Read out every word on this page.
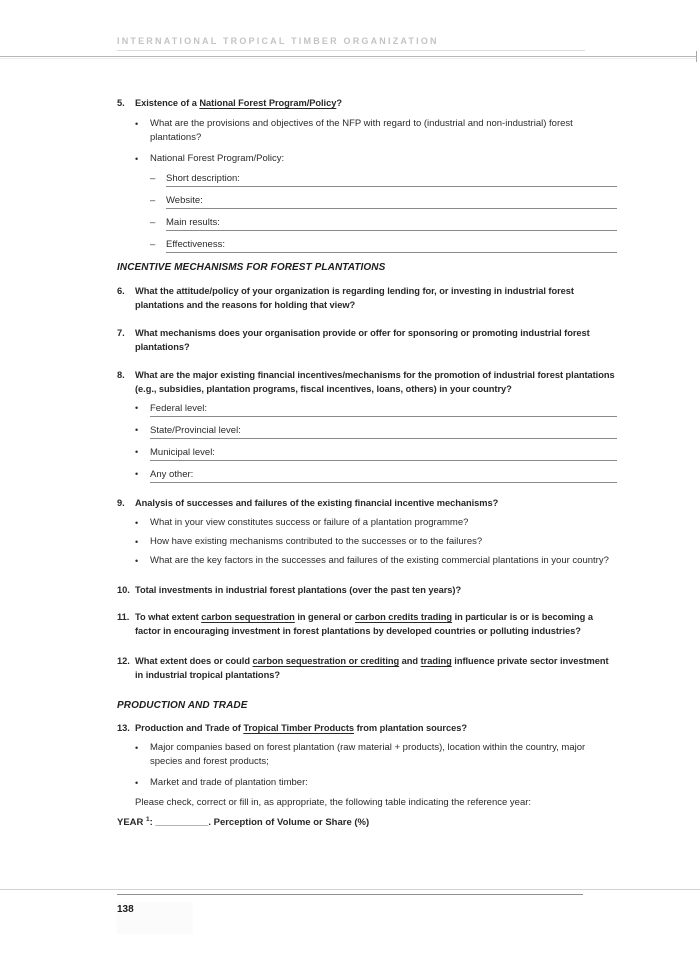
INTERNATIONAL TROPICAL TIMBER ORGANIZATION
5.	Existence of a National Forest Program/Policy?
•	What are the provisions and objectives of the NFP with regard to (industrial and non-industrial) forest plantations?
•	National Forest Program/Policy:
–	Short description:
–	Website:
–	Main results:
–	Effectiveness:
INCENTIVE MECHANISMS FOR FOREST PLANTATIONS
6.	What the attitude/policy of your organization is regarding lending for, or investing in industrial forest plantations and the reasons for holding that view?
7.	What mechanisms does your organisation provide or offer for sponsoring or promoting industrial forest plantations?
8.	What are the major existing financial incentives/mechanisms for the promotion of industrial forest plantations (e.g., subsidies, plantation programs, fiscal incentives, loans, others) in your country?
•	Federal level:
•	State/Provincial level:
•	Municipal level:
•	Any other:
9.	Analysis of successes and failures of the existing financial incentive mechanisms?
•	What in your view constitutes success or failure of a plantation programme?
•	How have existing mechanisms contributed to the successes or to the failures?
•	What are the key factors in the successes and failures of the existing commercial plantations in your country?
10. Total investments in industrial forest plantations (over the past ten years)?
11. To what extent carbon sequestration in general or carbon credits trading in particular is or is becoming a factor in encouraging investment in forest plantations by developed countries or polluting industries?
12. What extent does or could carbon sequestration or crediting and trading influence private sector investment in industrial tropical plantations?
PRODUCTION AND TRADE
13. Production and Trade of Tropical Timber Products from plantation sources?
•	Major companies based on forest plantation (raw material + products), location within the country, major species and forest products;
•	Market and trade of plantation timber:
Please check, correct or fill in, as appropriate, the following table indicating the reference year:
YEAR $^1$: __________. Perception of Volume or Share (%)
138
